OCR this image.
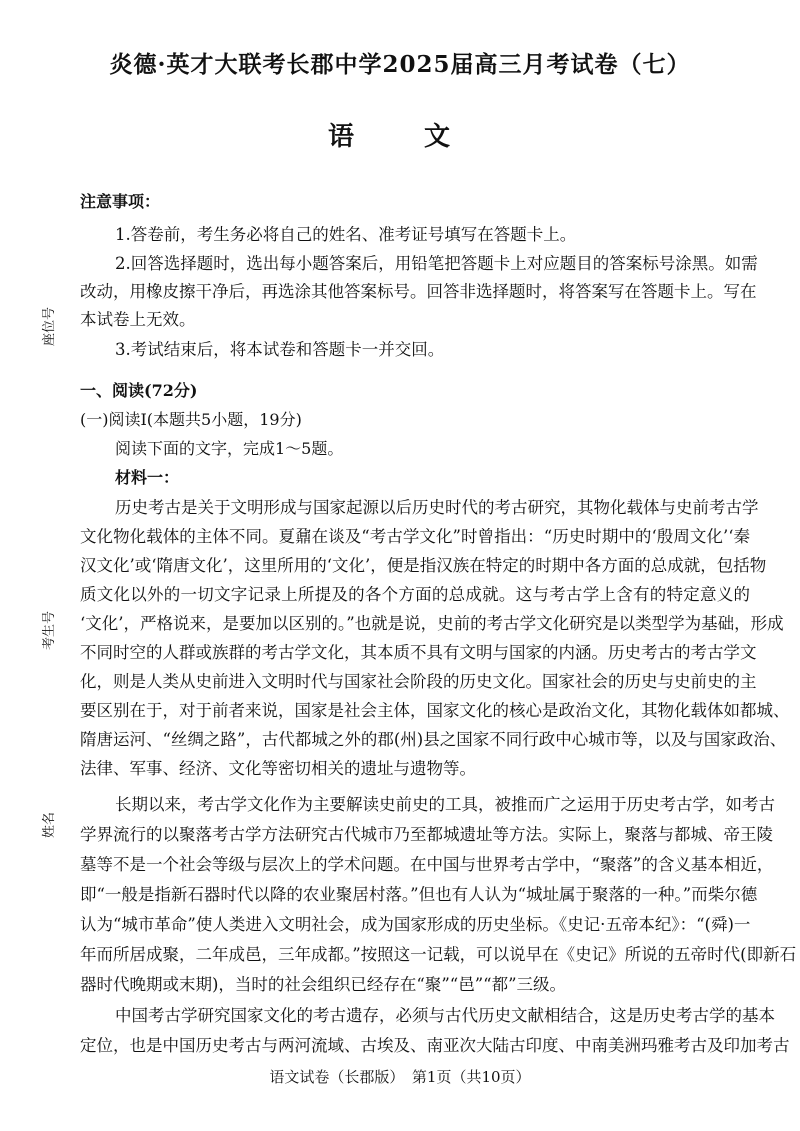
炎德·英才大联考长郡中学2025届高三月考试卷（七）
语　文
座位号
考生号
姓名
注意事项：
1.答卷前，考生务必将自己的姓名、准考证号填写在答题卡上。
2.回答选择题时，选出每小题答案后，用铅笔把答题卡上对应题目的答案标号涂黑。如需
改动，用橡皮擦干净后，再选涂其他答案标号。回答非选择题时，将答案写在答题卡上。写在
本试卷上无效。
3.考试结束后，将本试卷和答题卡一并交回。
一、阅读(72分)
(一)阅读Ⅰ(本题共5小题，19分)
阅读下面的文字，完成1～5题。
材料一：
历史考古是关于文明形成与国家起源以后历史时代的考古研究，其物化载体与史前考古学
文化物化载体的主体不同。夏鼐在谈及“考古学文化”时曾指出：“历史时期中的‘殷周文化’‘秦
汉文化’或‘隋唐文化’，这里所用的‘文化’，便是指汉族在特定的时期中各方面的总成就，包括物
质文化以外的一切文字记录上所提及的各个方面的总成就。这与考古学上含有的特定意义的
‘文化’，严格说来，是要加以区别的。”也就是说，史前的考古学文化研究是以类型学为基础，形成
不同时空的人群或族群的考古学文化，其本质不具有文明与国家的内涵。历史考古的考古学文
化，则是人类从史前进入文明时代与国家社会阶段的历史文化。国家社会的历史与史前史的主
要区别在于，对于前者来说，国家是社会主体，国家文化的核心是政治文化，其物化载体如都城、
隋唐运河、“丝绸之路”，古代都城之外的郡(州)县之国家不同行政中心城市等，以及与国家政治、
法律、军事、经济、文化等密切相关的遗址与遗物等。
长期以来，考古学文化作为主要解读史前史的工具，被推而广之运用于历史考古学，如考古
学界流行的以聚落考古学方法研究古代城市乃至都城遗址等方法。实际上，聚落与都城、帝王陵
墓等不是一个社会等级与层次上的学术问题。在中国与世界考古学中，“聚落”的含义基本相近，
即“一般是指新石器时代以降的农业聚居村落。”但也有人认为“城址属于聚落的一种。”而柴尔德
认为“城市革命”使人类进入文明社会，成为国家形成的历史坐标。《史记·五帝本纪》：“(舜)一
年而所居成聚，二年成邑，三年成都。”按照这一记载，可以说早在《史记》所说的五帝时代(即新石
器时代晚期或末期)，当时的社会组织已经存在“聚”“邑”“都”三级。
中国考古学研究国家文化的考古遗存，必须与古代历史文献相结合，这是历史考古学的基本
定位，也是中国历史考古与两河流域、古埃及、南亚次大陆古印度、中南美洲玛雅考古及印加考古
语文试卷（长郡版）　第1页（共10页）
